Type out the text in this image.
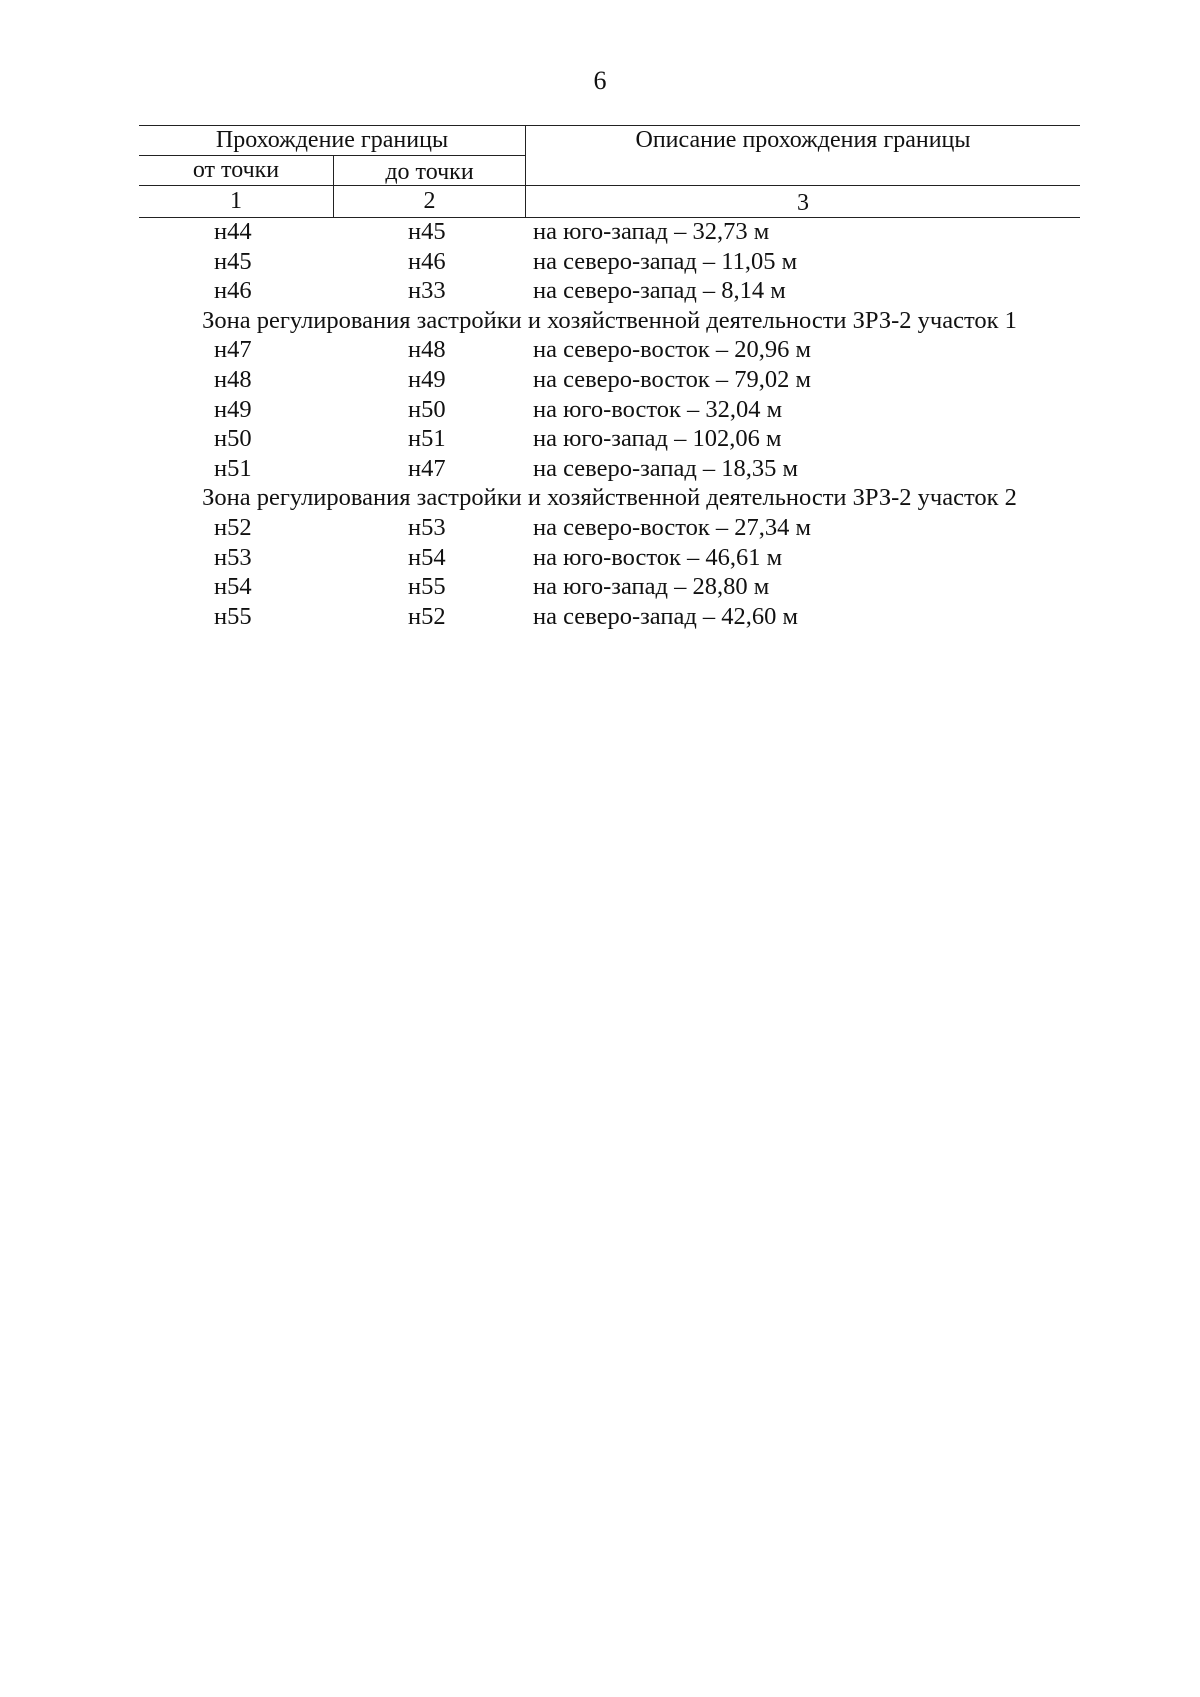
6
Прохождение границы	Описание прохождения границы
от точки	до точки
1	2	3
н44	н45	на юго-запад – 32,73 м
н45	н46	на северо-запад – 11,05 м
н46	н33	на северо-запад – 8,14 м
Зона регулирования застройки и хозяйственной деятельности ЗРЗ-2 участок 1
н47	н48	на северо-восток – 20,96 м
н48	н49	на северо-восток – 79,02 м
н49	н50	на юго-восток – 32,04 м
н50	н51	на юго-запад – 102,06 м
н51	н47	на северо-запад – 18,35 м
Зона регулирования застройки и хозяйственной деятельности ЗРЗ-2 участок 2
н52	н53	на северо-восток – 27,34 м
н53	н54	на юго-восток – 46,61 м
н54	н55	на юго-запад – 28,80 м
н55	н52	на северо-запад – 42,60 м
